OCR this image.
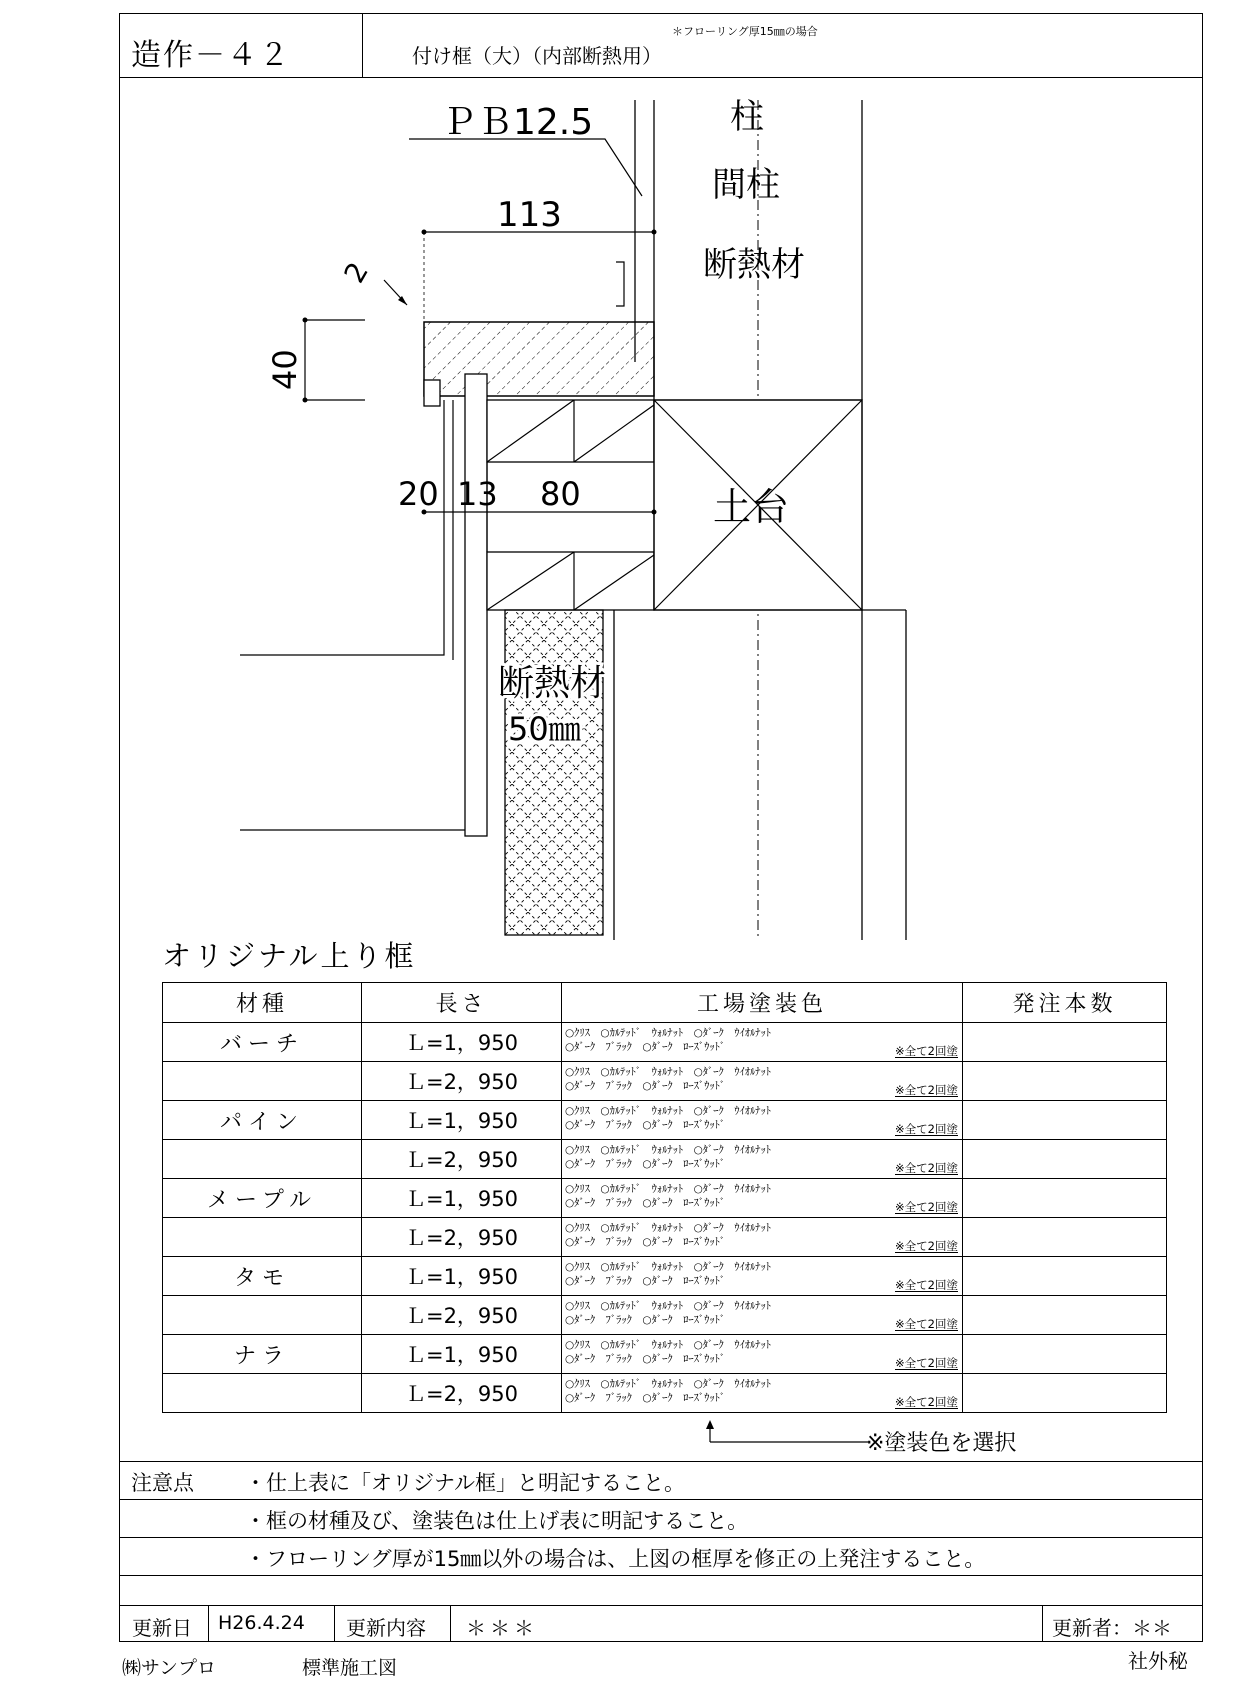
造作－４２	付け框（大）（内部断熱用）
＊フローリング厚15㎜の場合
ＰＢ12.5
113
2
40
20 13 80
柱
間柱
断熱材
土台
断熱材
50㎜
オリジナル上り框
材種	長さ	工場塗装色	発注本数
バーチ	Ｌ=1，950	○ｸﾘｽ　○ｶﾙﾃｯﾄﾞ　ｳｫﾙﾅｯﾄ　○ﾀﾞｰｸ　ｳｲｵﾙﾅｯﾄ
○ﾀﾞｰｸ　ﾌﾞﾗｯｸ　○ﾀﾞｰｸ　ﾛｰｽﾞｳｯﾄﾞ ※全て2回塗	

	Ｌ=2，950	○ｸﾘｽ　○ｶﾙﾃｯﾄﾞ　ｳｫﾙﾅｯﾄ　○ﾀﾞｰｸ　ｳｲｵﾙﾅｯﾄ
○ﾀﾞｰｸ　ﾌﾞﾗｯｸ　○ﾀﾞｰｸ　ﾛｰｽﾞｳｯﾄﾞ ※全て2回塗	

パイン	Ｌ=1，950	○ｸﾘｽ　○ｶﾙﾃｯﾄﾞ　ｳｫﾙﾅｯﾄ　○ﾀﾞｰｸ　ｳｲｵﾙﾅｯﾄ
○ﾀﾞｰｸ　ﾌﾞﾗｯｸ　○ﾀﾞｰｸ　ﾛｰｽﾞｳｯﾄﾞ ※全て2回塗	

	Ｌ=2，950	○ｸﾘｽ　○ｶﾙﾃｯﾄﾞ　ｳｫﾙﾅｯﾄ　○ﾀﾞｰｸ　ｳｲｵﾙﾅｯﾄ
○ﾀﾞｰｸ　ﾌﾞﾗｯｸ　○ﾀﾞｰｸ　ﾛｰｽﾞｳｯﾄﾞ ※全て2回塗	

メープル	Ｌ=1，950	○ｸﾘｽ　○ｶﾙﾃｯﾄﾞ　ｳｫﾙﾅｯﾄ　○ﾀﾞｰｸ　ｳｲｵﾙﾅｯﾄ
○ﾀﾞｰｸ　ﾌﾞﾗｯｸ　○ﾀﾞｰｸ　ﾛｰｽﾞｳｯﾄﾞ ※全て2回塗	

	Ｌ=2，950	○ｸﾘｽ　○ｶﾙﾃｯﾄﾞ　ｳｫﾙﾅｯﾄ　○ﾀﾞｰｸ　ｳｲｵﾙﾅｯﾄ
○ﾀﾞｰｸ　ﾌﾞﾗｯｸ　○ﾀﾞｰｸ　ﾛｰｽﾞｳｯﾄﾞ ※全て2回塗	

タモ	Ｌ=1，950	○ｸﾘｽ　○ｶﾙﾃｯﾄﾞ　ｳｫﾙﾅｯﾄ　○ﾀﾞｰｸ　ｳｲｵﾙﾅｯﾄ
○ﾀﾞｰｸ　ﾌﾞﾗｯｸ　○ﾀﾞｰｸ　ﾛｰｽﾞｳｯﾄﾞ ※全て2回塗	

	Ｌ=2，950	○ｸﾘｽ　○ｶﾙﾃｯﾄﾞ　ｳｫﾙﾅｯﾄ　○ﾀﾞｰｸ　ｳｲｵﾙﾅｯﾄ
○ﾀﾞｰｸ　ﾌﾞﾗｯｸ　○ﾀﾞｰｸ　ﾛｰｽﾞｳｯﾄﾞ ※全て2回塗	

ナラ	Ｌ=1，950	○ｸﾘｽ　○ｶﾙﾃｯﾄﾞ　ｳｫﾙﾅｯﾄ　○ﾀﾞｰｸ　ｳｲｵﾙﾅｯﾄ
○ﾀﾞｰｸ　ﾌﾞﾗｯｸ　○ﾀﾞｰｸ　ﾛｰｽﾞｳｯﾄﾞ ※全て2回塗	

	Ｌ=2，950	○ｸﾘｽ　○ｶﾙﾃｯﾄﾞ　ｳｫﾙﾅｯﾄ　○ﾀﾞｰｸ　ｳｲｵﾙﾅｯﾄ
○ﾀﾞｰｸ　ﾌﾞﾗｯｸ　○ﾀﾞｰｸ　ﾛｰｽﾞｳｯﾄﾞ ※全て2回塗	

※塗装色を選択
注意点 ・仕上表に「オリジナル框」と明記すること。
・框の材種及び、塗装色は仕上げ表に明記すること。
・フローリング厚が15㎜以外の場合は、上図の框厚を修正の上発注すること。
更新日 H26.4.24 更新内容 ＊＊＊	更新者：＊＊
㈱サンプロ	標準施工図	社外秘
